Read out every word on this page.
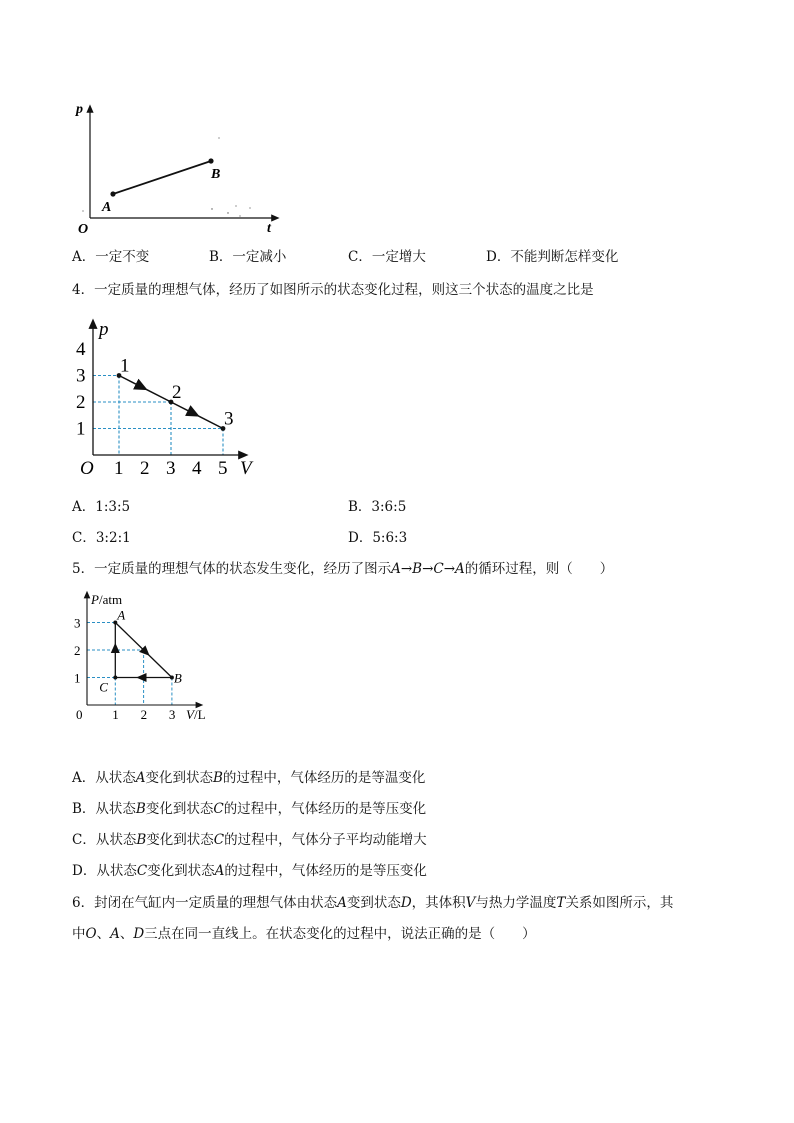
p
t
O
A
B
A．一定不变	B．一定减小	C．一定增大	D．不能判断怎样变化
4．一定质量的理想气体，经历了如图所示的状态变化过程，则这三个状态的温度之比是
1 2 3 4 5
1
2
3
4
1
2
3
p
V
O
A．1:3:5	B．3:6:5
C．3:2:1	D．5:6:3
5．一定质量的理想气体的状态发生变化，经历了图示A→B→C→A的循环过程，则（　　）
1 2 3
1
2
3
A
B
C
P/atm
V/L
0
A．从状态A变化到状态B的过程中，气体经历的是等温变化
B．从状态B变化到状态C的过程中，气体经历的是等压变化
C．从状态B变化到状态C的过程中，气体分子平均动能增大
D．从状态C变化到状态A的过程中，气体经历的是等压变化
6．封闭在气缸内一定质量的理想气体由状态A变到状态D，其体积V与热力学温度T关系如图所示，其
中O、A、D三点在同一直线上。在状态变化的过程中，说法正确的是（　　）
